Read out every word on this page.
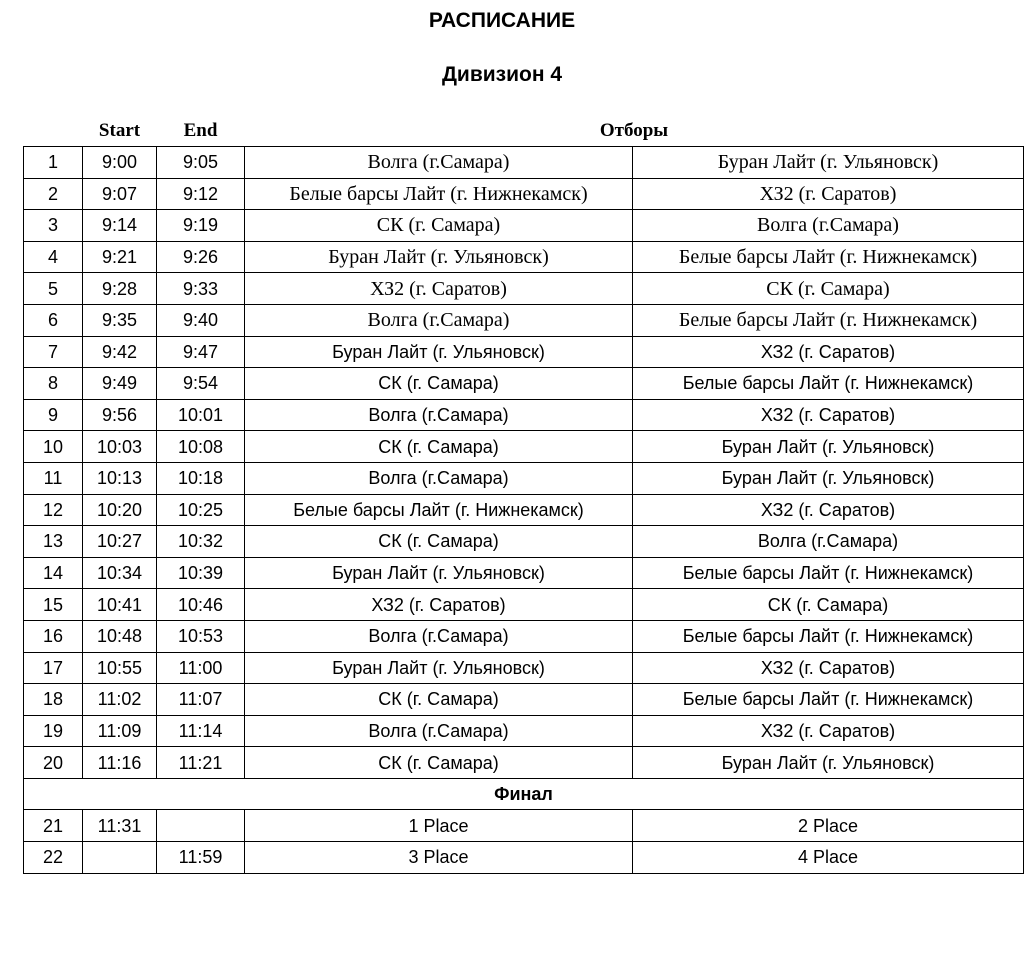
РАСПИСАНИЕ
Дивизион 4
	Start	End	Отборы	
1	9:00	9:05	Волга (г.Самара)	Буран Лайт (г. Ульяновск)
2	9:07	9:12	Белые барсы Лайт (г. Нижнекамск)	ХЗ2 (г. Саратов)
3	9:14	9:19	СК (г. Самара)	Волга (г.Самара)
4	9:21	9:26	Буран Лайт (г. Ульяновск)	Белые барсы Лайт (г. Нижнекамск)
5	9:28	9:33	ХЗ2 (г. Саратов)	СК (г. Самара)
6	9:35	9:40	Волга (г.Самара)	Белые барсы Лайт (г. Нижнекамск)
7	9:42	9:47	Буран Лайт (г. Ульяновск)	ХЗ2 (г. Саратов)
8	9:49	9:54	СК (г. Самара)	Белые барсы Лайт (г. Нижнекамск)
9	9:56	10:01	Волга (г.Самара)	ХЗ2 (г. Саратов)
10	10:03	10:08	СК (г. Самара)	Буран Лайт (г. Ульяновск)
11	10:13	10:18	Волга (г.Самара)	Буран Лайт (г. Ульяновск)
12	10:20	10:25	Белые барсы Лайт (г. Нижнекамск)	ХЗ2 (г. Саратов)
13	10:27	10:32	СК (г. Самара)	Волга (г.Самара)
14	10:34	10:39	Буран Лайт (г. Ульяновск)	Белые барсы Лайт (г. Нижнекамск)
15	10:41	10:46	ХЗ2 (г. Саратов)	СК (г. Самара)
16	10:48	10:53	Волга (г.Самара)	Белые барсы Лайт (г. Нижнекамск)
17	10:55	11:00	Буран Лайт (г. Ульяновск)	ХЗ2 (г. Саратов)
18	11:02	11:07	СК (г. Самара)	Белые барсы Лайт (г. Нижнекамск)
19	11:09	11:14	Волга (г.Самара)	ХЗ2 (г. Саратов)
20	11:16	11:21	СК (г. Самара)	Буран Лайт (г. Ульяновск)
Финал				
21	11:31		1 Place	2 Place
22		11:59	3 Place	4 Place
